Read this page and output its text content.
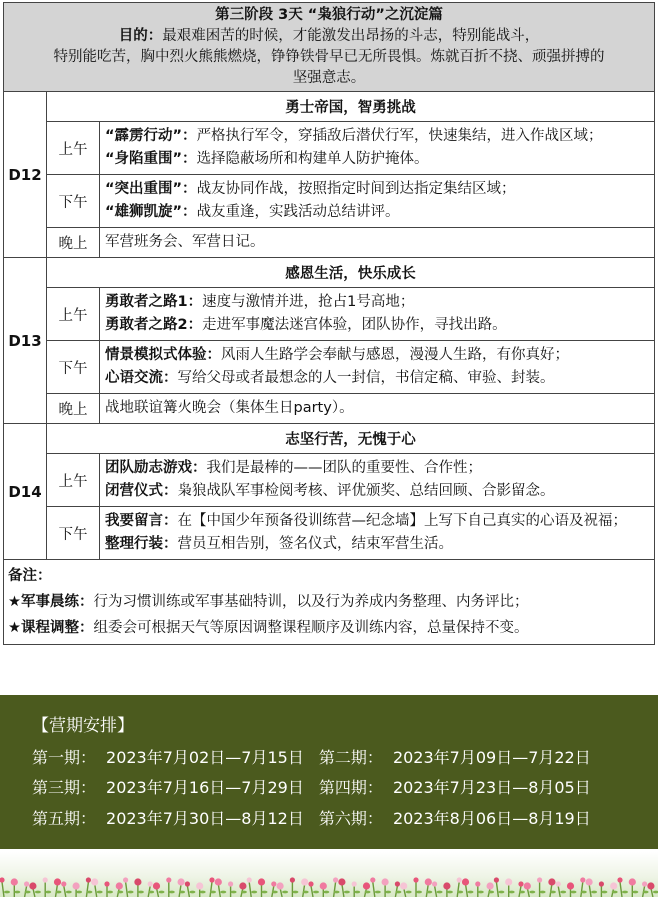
第三阶段 3天 “枭狼行动”之沉淀篇
目的：最艰难困苦的时候，才能激发出昂扬的斗志，特别能战斗，
特别能吃苦，胸中烈火熊熊燃烧，铮铮铁骨早已无所畏惧。炼就百折不挠、顽强拼搏的
坚强意志。		
D12	勇士帝国，智勇挑战	
	上午	“霹雳行动”：严格执行军令，穿插敌后潜伏行军，快速集结，进入作战区域；
“身陷重围”：选择隐蔽场所和构建单人防护掩体。
	下午	“突出重围”：战友协同作战，按照指定时间到达指定集结区域；
“雄狮凯旋”：战友重逢，实践活动总结讲评。
	晚上	军营班务会、军营日记。
D13	感恩生活，快乐成长	
	上午	勇敢者之路1：速度与激情并进，抢占1号高地；
勇敢者之路2：走进军事魔法迷宫体验，团队协作，寻找出路。
	下午	情景模拟式体验：风雨人生路学会奉献与感恩，漫漫人生路，有你真好；
心语交流：写给父母或者最想念的人一封信，书信定稿、审验、封装。
	晚上	战地联谊篝火晚会（集体生日party）。
D14	志坚行苦，无愧于心	
	上午	团队励志游戏：我们是最棒的——团队的重要性、合作性；
闭营仪式：枭狼战队军事检阅考核、评优颁奖、总结回顾、合影留念。
	下午	我要留言：在【中国少年预备役训练营—纪念墙】上写下自己真实的心语及祝福；
整理行装：营员互相告别，签名仪式，结束军营生活。
备注：
★军事晨练：行为习惯训练或军事基础特训，以及行为养成内务整理、内务评比；
★课程调整：组委会可根据天气等原因调整课程顺序及训练内容，总量保持不变。		
【营期安排】
第一期： 2023年7月02日—7月15日 第二期： 2023年7月09日—7月22日
第三期： 2023年7月16日—7月29日 第四期： 2023年7月23日—8月05日
第五期： 2023年7月30日—8月12日 第六期： 2023年8月06日—8月19日
